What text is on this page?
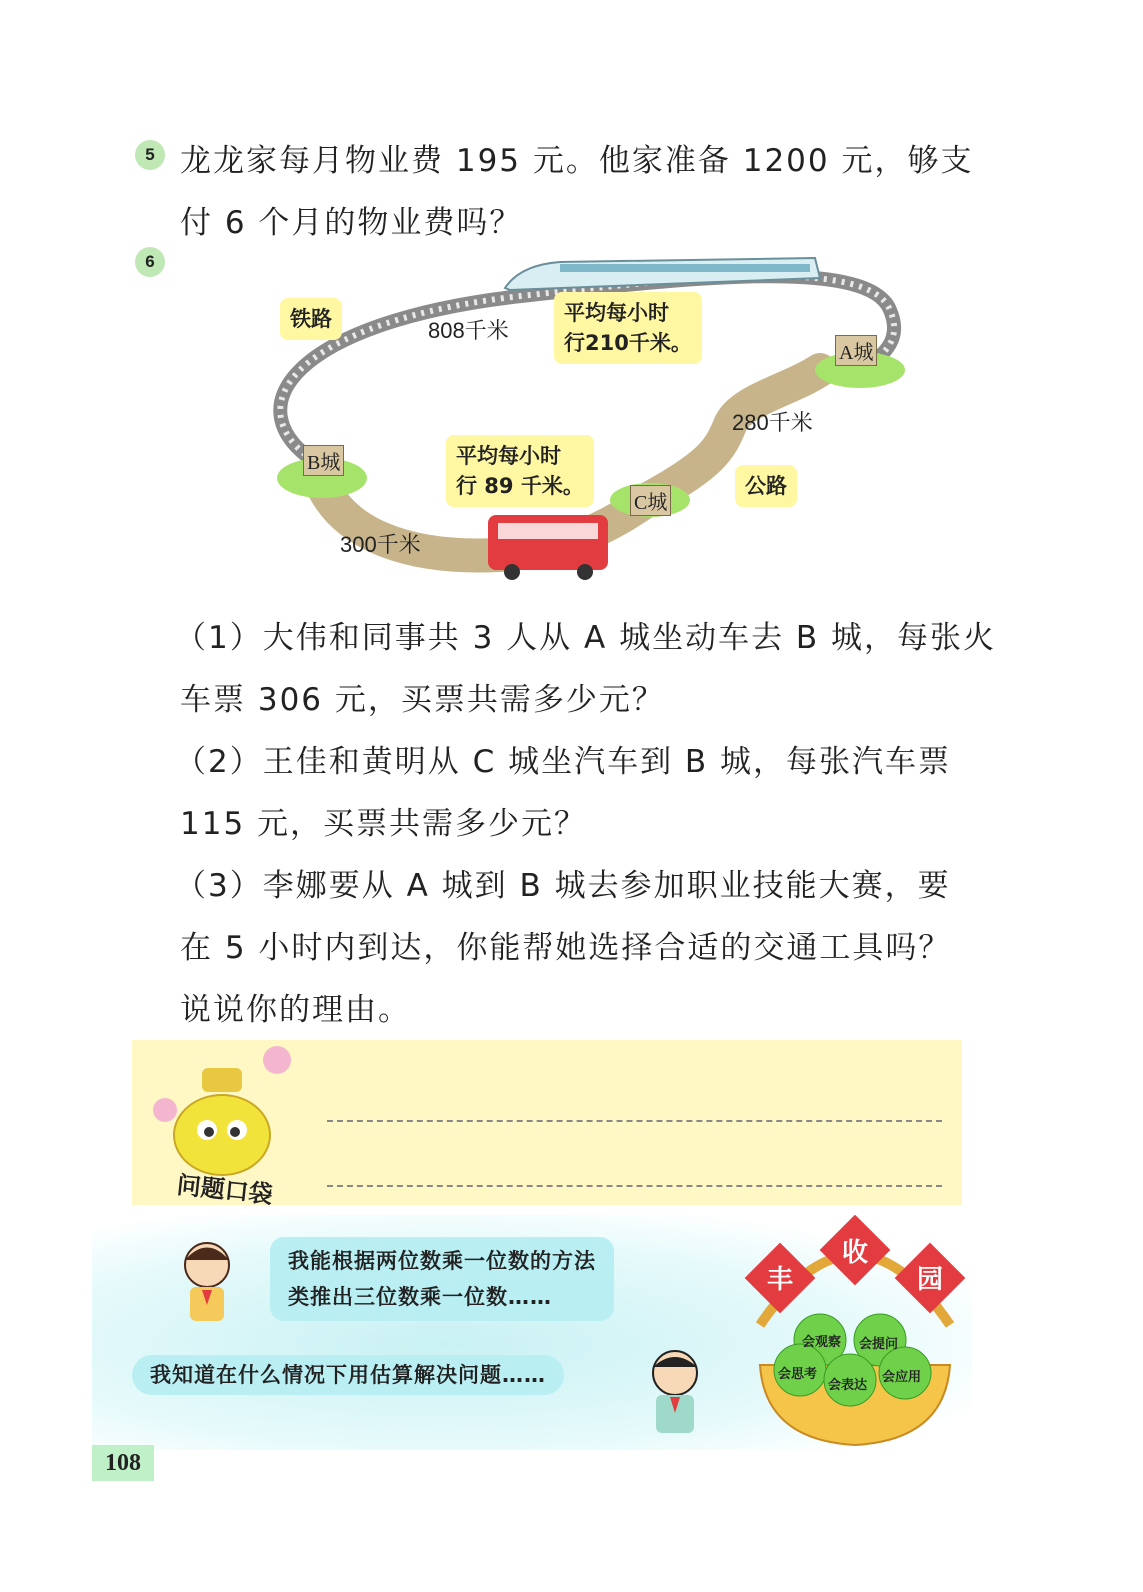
5 龙龙家每月物业费 195 元。他家准备 1200 元，够支
付 6 个月的物业费吗？
6
铁路	808千米
平均每小时
行210千米。	A城
280千米
B城	平均每小时
行 89 千米。
C城
公路
300千米
（1）大伟和同事共 3 人从 A 城坐动车去 B 城，每张火
车票 306 元，买票共需多少元？
（2）王佳和黄明从 C 城坐汽车到 B 城，每张汽车票
115 元，买票共需多少元？
（3）李娜要从 A 城到 B 城去参加职业技能大赛，要
在 5 小时内到达，你能帮她选择合适的交通工具吗？
说说你的理由。
问题口袋
我能根据两位数乘一位数的方法
类推出三位数乘一位数……
我知道在什么情况下用估算解决问题……
丰
收
园
会观察 会提问
会思考
会表达
会应用
108
